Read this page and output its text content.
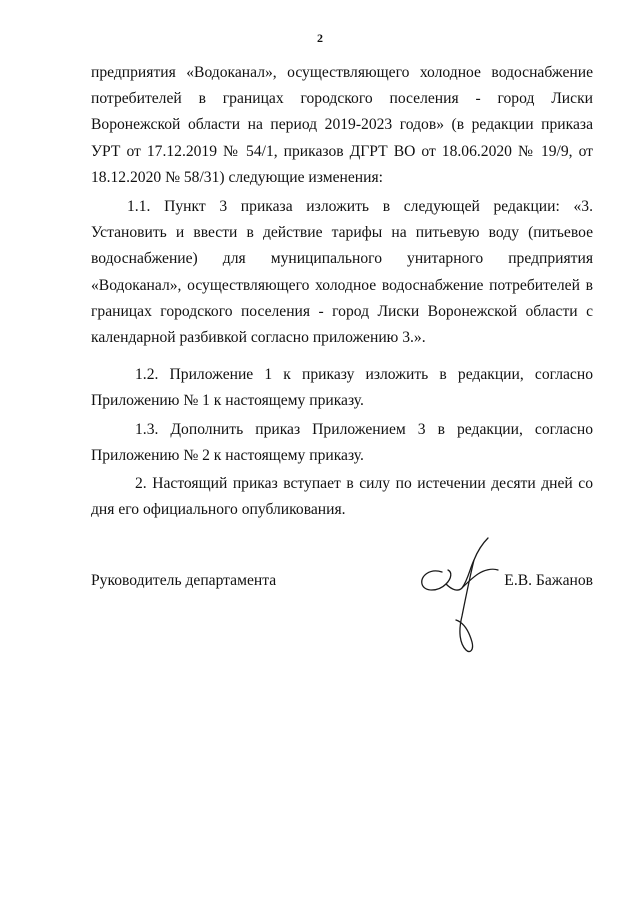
2

предприятия «Водоканал», осуществляющего холодное водоснабжение потребителей в границах городского поселения - город Лиски Воронежской области на период 2019-2023 годов» (в редакции приказа УРТ от 17.12.2019 № 54/1, приказов ДГРТ ВО от 18.06.2020 № 19/9, от 18.12.2020 № 58/31) следующие изменения:

1.1. Пункт 3 приказа изложить в следующей редакции: «3. Установить и ввести в действие тарифы на питьевую воду (питьевое водоснабжение) для муниципального унитарного предприятия «Водоканал», осуществляющего холодное водоснабжение потребителей в границах городского поселения - город Лиски Воронежской области с календарной разбивкой согласно приложению 3.».

1.2. Приложение 1 к приказу изложить в редакции, согласно Приложению № 1 к настоящему приказу.

1.3. Дополнить приказ Приложением 3 в редакции, согласно Приложению № 2 к настоящему приказу.

2. Настоящий приказ вступает в силу по истечении десяти дней со дня его официального опубликования.

Руководитель департамента	Е.В. Бажанов
